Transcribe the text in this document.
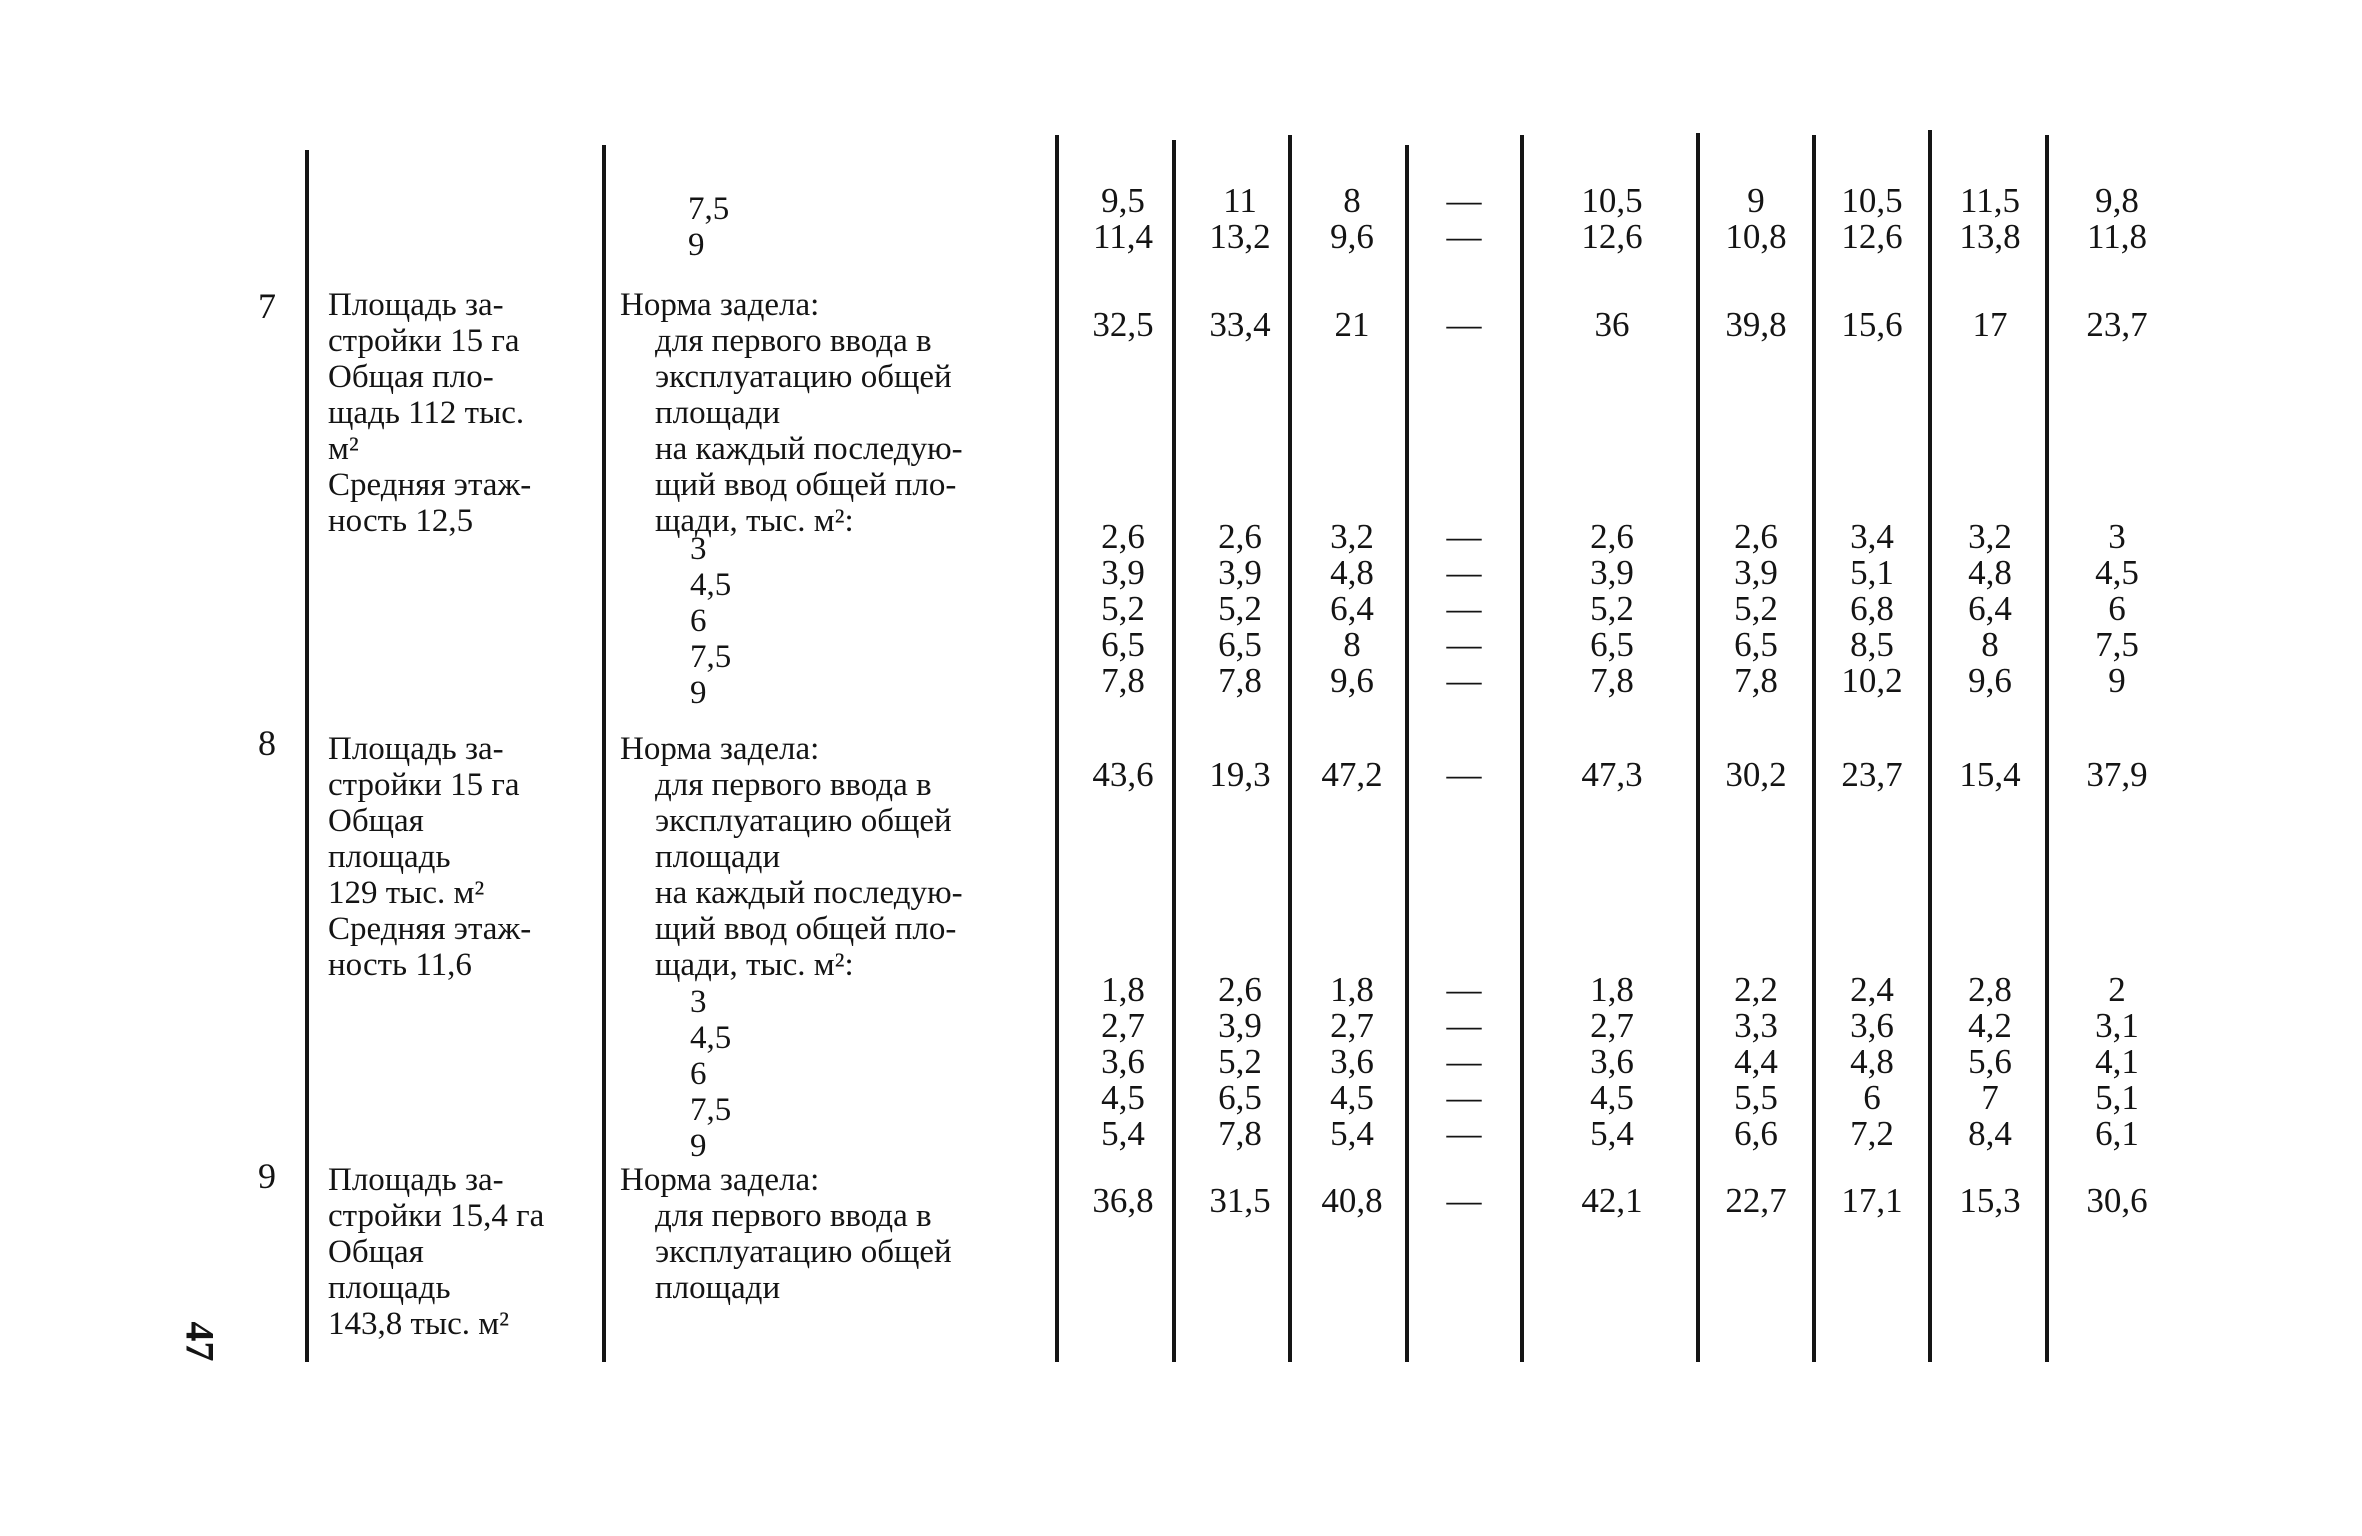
7,5
9
7 Площадь за-
стройки 15 га
Общая пло-
щадь 112 тыс.
м²
Средняя этаж-
ность 12,5
Норма задела:
для первого ввода в
эксплуатацию общей
площади
на каждый последую-
щий ввод общей пло-
щади, тыс. м²:
3
4,5
6
7,5
9
8 Площадь за-
стройки 15 га
Общая
площадь
129 тыс. м²
Средняя этаж-
ность 11,6
Норма задела:
для первого ввода в
эксплуатацию общей
площади
на каждый последую-
щий ввод общей пло-
щади, тыс. м²:
3
4,5
6
7,5
9
9 Площадь за-
стройки 15,4 га
Общая
площадь
143,8 тыс. м²
Норма задела:
для первого ввода в
эксплуатацию общей
площади
9,5
11,4
32,5
2,6
3,9
5,2
6,5
7,8
43,6
1,8
2,7
3,6
4,5
5,4
36,8
11
13,2
33,4
2,6
3,9
5,2
6,5
7,8
19,3
2,6
3,9
5,2
6,5
7,8
31,5
8
9,6
21
3,2
4,8
6,4
8
9,6
47,2
1,8
2,7
3,6
4,5
5,4
40,8
—
—
—
—
—
—
—
—
—
—
—
—
—
—
—
10,5
12,6
36
2,6
3,9
5,2
6,5
7,8
47,3
1,8
2,7
3,6
4,5
5,4
42,1
9
10,8
39,8
2,6
3,9
5,2
6,5
7,8
30,2
2,2
3,3
4,4
5,5
6,6
22,7
10,5
12,6
15,6
3,4
5,1
6,8
8,5
10,2
23,7
2,4
3,6
4,8
6
7,2
17,1
11,5
13,8
17
3,2
4,8
6,4
8
9,6
15,4
2,8
4,2
5,6
7
8,4
15,3
9,8
11,8
23,7
3
4,5
6
7,5
9
37,9
2
3,1
4,1
5,1
6,1
30,6
47
